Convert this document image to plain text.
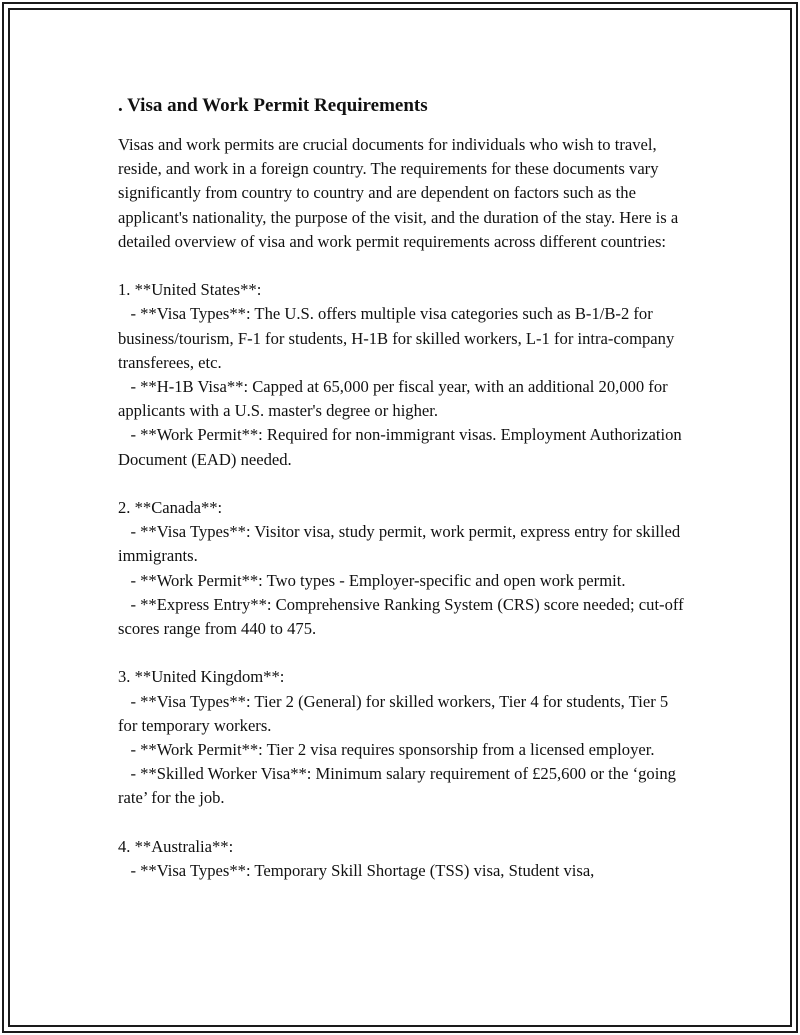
. Visa and Work Permit Requirements

Visas and work permits are crucial documents for individuals who wish to travel, reside, and work in a foreign country. The requirements for these documents vary significantly from country to country and are dependent on factors such as the applicant's nationality, the purpose of the visit, and the duration of the stay. Here is a detailed overview of visa and work permit requirements across different countries:

1. **United States**:
- **Visa Types**: The U.S. offers multiple visa categories such as B-1/B-2 for business/tourism, F-1 for students, H-1B for skilled workers, L-1 for intra-company transferees, etc.
- **H-1B Visa**: Capped at 65,000 per fiscal year, with an additional 20,000 for applicants with a U.S. master's degree or higher.
- **Work Permit**: Required for non-immigrant visas. Employment Authorization Document (EAD) needed.

2. **Canada**:
- **Visa Types**: Visitor visa, study permit, work permit, express entry for skilled immigrants.
- **Work Permit**: Two types - Employer-specific and open work permit.
- **Express Entry**: Comprehensive Ranking System (CRS) score needed; cut-off scores range from 440 to 475.

3. **United Kingdom**:
- **Visa Types**: Tier 2 (General) for skilled workers, Tier 4 for students, Tier 5 for temporary workers.
- **Work Permit**: Tier 2 visa requires sponsorship from a licensed employer.
- **Skilled Worker Visa**: Minimum salary requirement of £25,600 or the ‘going rate’ for the job.

4. **Australia**:
- **Visa Types**: Temporary Skill Shortage (TSS) visa, Student visa,
